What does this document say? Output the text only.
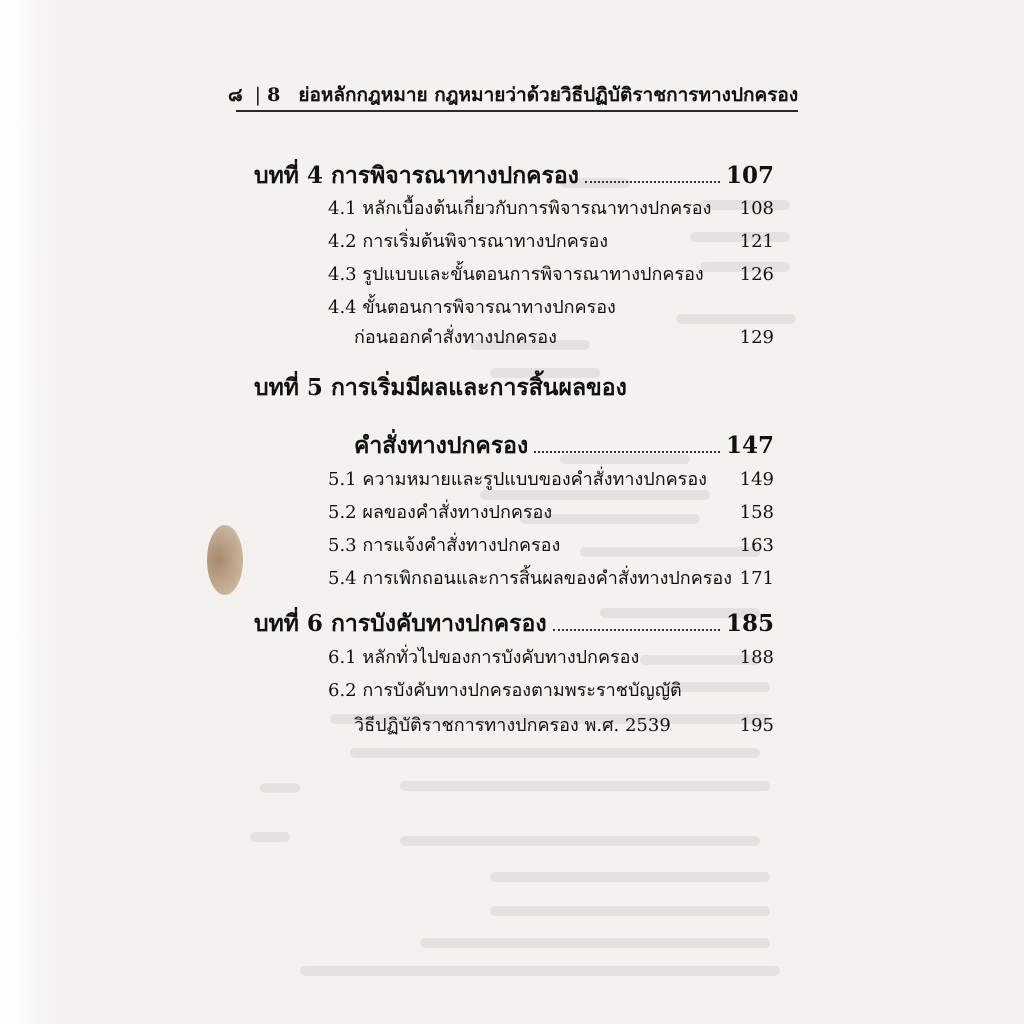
๘ | 8 ย่อหลักกฎหมาย กฎหมายว่าด้วยวิธีปฏิบัติราชการทางปกครอง
บทที่ 4 การพิจารณาทางปกครอง	107
4.1 หลักเบื้องต้นเกี่ยวกับการพิจารณาทางปกครอง	108
4.2 การเริ่มต้นพิจารณาทางปกครอง	121
4.3 รูปแบบและขั้นตอนการพิจารณาทางปกครอง	126
4.4 ขั้นตอนการพิจารณาทางปกครอง
ก่อนออกคำสั่งทางปกครอง	129
บทที่ 5 การเริ่มมีผลและการสิ้นผลของ
คำสั่งทางปกครอง	147
5.1 ความหมายและรูปแบบของคำสั่งทางปกครอง	149
5.2 ผลของคำสั่งทางปกครอง	158
5.3 การแจ้งคำสั่งทางปกครอง	163
5.4 การเพิกถอนและการสิ้นผลของคำสั่งทางปกครอง 171
บทที่ 6 การบังคับทางปกครอง	185
6.1 หลักทั่วไปของการบังคับทางปกครอง	188
6.2 การบังคับทางปกครองตามพระราชบัญญัติ
วิธีปฏิบัติราชการทางปกครอง พ.ศ. 2539	195
